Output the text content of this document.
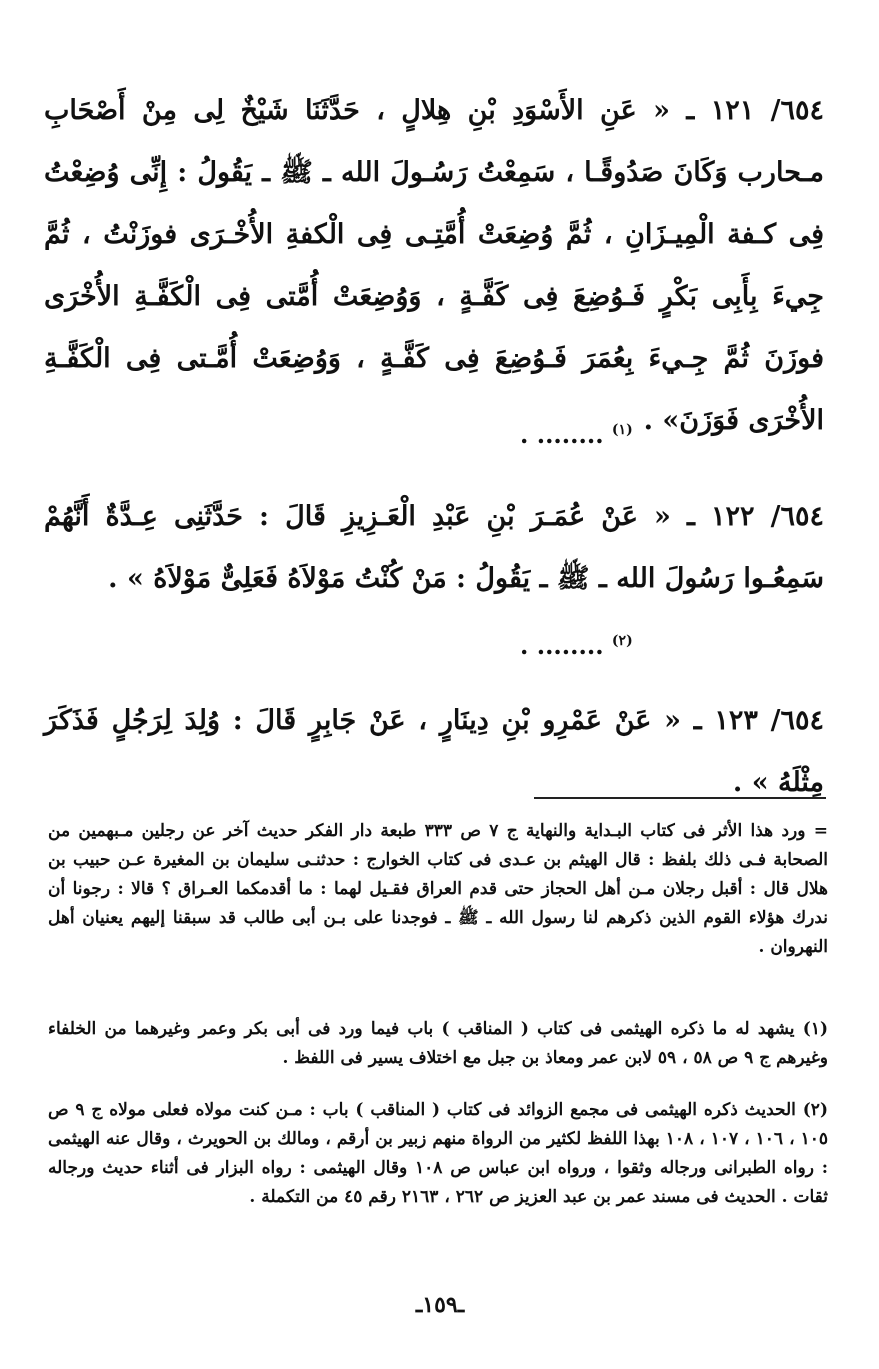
٦٥٤/ ١٢١ ـ « عَنِ الأَسْوَدِ بْنِ هِلالٍ ، حَدَّثَنَا شَيْخٌ لِى مِنْ أَصْحَابِ مـحارب وَكَانَ صَدُوقًـا ، سَمِعْتُ رَسُـولَ الله ـ ﷺ ـ يَقُولُ : إِنِّى وُضِعْتُ فِى كـفة الْمِيـزَانِ ، ثُمَّ وُضِعَتْ أُمَّتِـى فِى الْكفةِ الأُخْـرَى فوزَنْتُ ، ثُمَّ جِيءَ بِأَبِى بَكْرٍ فَـوُضِعَ فِى كَفَّـةٍ ، وَوُضِعَتْ أُمَّتى فِى الْكَفَّـةِ الأُخْرَى فوزَنَ ثُمَّ جِـيءَ بِعُمَرَ فَـوُضِعَ فِى كَفَّـةٍ ، وَوُضِعَتْ أُمَّـتى فِى الْكَفَّـةِ الأُخْرَى فَوَزَنَ» .
. ........ $^{(١)}$
٦٥٤/ ١٢٢ ـ « عَنْ عُمَـرَ بْنِ عَبْدِ الْعَـزِيزِ قَالَ : حَدَّثَنِى عِـدَّةٌ أَنَّهُمْ سَمِعُـوا رَسُولَ الله ـ ﷺ ـ يَقُولُ : مَنْ كُنْتُ مَوْلاَهُ فَعَلِىٌّ مَوْلاَهُ » .
. ........ $^{(٢)}$
٦٥٤/ ١٢٣ ـ « عَنْ عَمْرِو بْنِ دِينَارٍ ، عَنْ جَابِرٍ قَالَ : وُلِدَ لِرَجُلٍ فَذَكَرَ مِثْلَهُ » .
= ورد هذا الأثر فى كتاب البـداية والنهاية ج ٧ ص ٣٣٣ طبعة دار الفكر حديث آخر عن رجلين مـبهمين من الصحابة فـى ذلك بلفظ : قال الهيثم بن عـدى فى كتاب الخوارج : حدثنـى سليمان بن المغيرة عـن حبيب بن هلال قال : أقبل رجلان مـن أهل الحجاز حتى قدم العراق فقـيل لهما : ما أقدمكما العـراق ؟ قالا : رجونا أن ندرك هؤلاء القوم الذين ذكرهم لنا رسول الله ـ ﷺ ـ فوجدنا على بـن أبى طالب قد سبقنا إليهم يعنيان أهل النهروان .
(١) يشهد له ما ذكره الهيثمى فى كتاب ( المناقب ) باب فيما ورد فى أبى بكر وعمر وغيرهما من الخلفاء وغيرهم ج ٩ ص ٥٨ ، ٥٩ لابن عمر ومعاذ بن جبل مع اختلاف يسير فى اللفظ .
(٢) الحديث ذكره الهيثمى فى مجمع الزوائد فى كتاب ( المناقب ) باب : مـن كنت مولاه فعلى مولاه ج ٩ ص ١٠٥ ، ١٠٦ ، ١٠٧ ، ١٠٨ بهذا اللفظ لكثير من الرواة منهم زبير بن أرقم ، ومالك بن الحويرث ، وقال عنه الهيثمى : رواه الطبرانى ورجاله وثقوا ، ورواه ابن عباس ص ١٠٨ وقال الهيثمى : رواه البزار فى أثناء حديث ورجاله ثقات . الحديث فى مسند عمر بن عبد العزيز ص ٢٦٢ ، ٢١٦٣ رقم ٤٥ من التكملة .
ـ١٥٩ـ
